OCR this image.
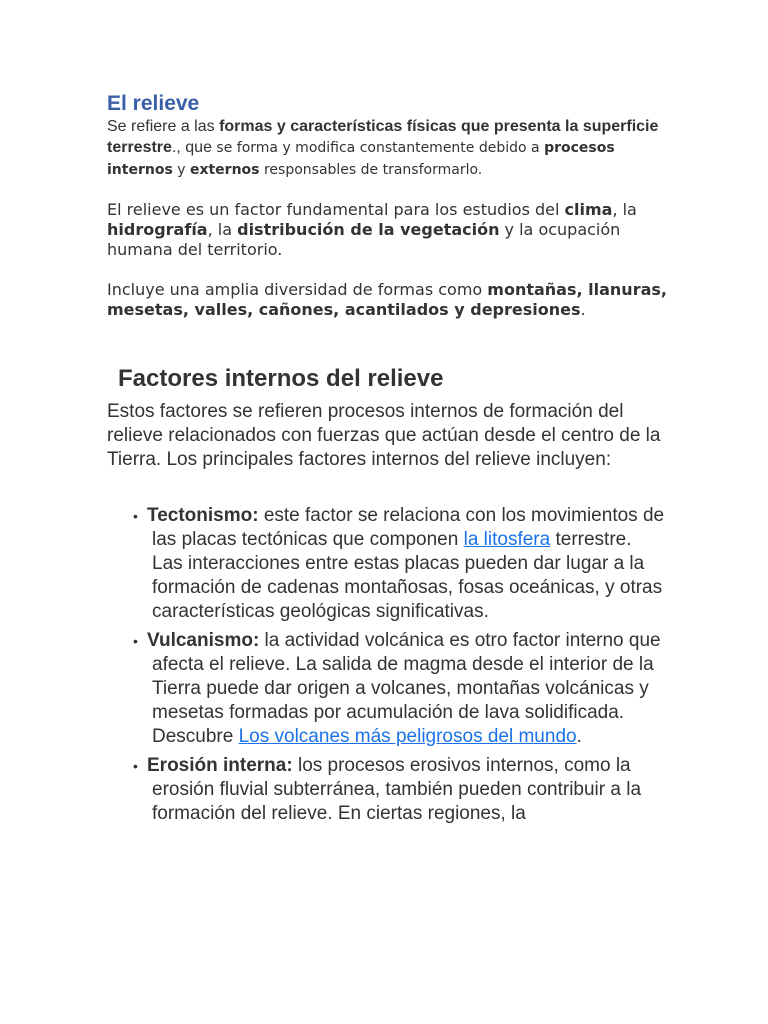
El relieve

Se refiere a las formas y características físicas que presenta la superficie terrestre., que se forma y modifica constantemente debido a procesos internos y externos responsables de transformarlo.

El relieve es un factor fundamental para los estudios del clima, la hidrografía, la distribución de la vegetación y la ocupación humana del territorio.

Incluye una amplia diversidad de formas como montañas, llanuras, mesetas, valles, cañones, acantilados y depresiones.

Factores internos del relieve

Estos factores se refieren procesos internos de formación del relieve relacionados con fuerzas que actúan desde el centro de la Tierra. Los principales factores internos del relieve incluyen:

• Tectonismo: este factor se relaciona con los movimientos de las placas tectónicas que componen la litosfera terrestre. Las interacciones entre estas placas pueden dar lugar a la formación de cadenas montañosas, fosas oceánicas, y otras características geológicas significativas.
• Vulcanismo: la actividad volcánica es otro factor interno que afecta el relieve. La salida de magma desde el interior de la Tierra puede dar origen a volcanes, montañas volcánicas y mesetas formadas por acumulación de lava solidificada. Descubre Los volcanes más peligrosos del mundo.
• Erosión interna: los procesos erosivos internos, como la erosión fluvial subterránea, también pueden contribuir a la formación del relieve. En ciertas regiones, la
